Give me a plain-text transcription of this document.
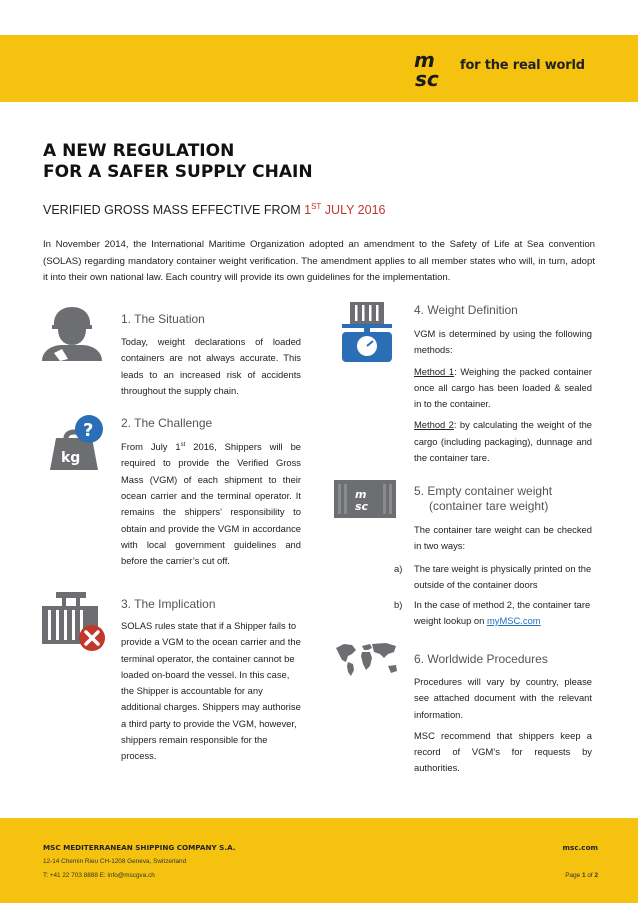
m
sc
for the real world
A NEW REGULATION
FOR A SAFER SUPPLY CHAIN
VERIFIED GROSS MASS EFFECTIVE FROM 1ST JULY 2016
In November 2014, the International Maritime Organization adopted an amendment to the Safety of Life at Sea convention (SOLAS) regarding mandatory container weight verification. The amendment applies to all member states who will, in turn, adopt it into their own national law. Each country will provide its own guidelines for the implementation.
kg
?
m
sc
1. The Situation
Today, weight declarations of loaded containers are not always accurate. This leads to an increased risk of accidents throughout the supply chain.
2. The Challenge
From July 1st 2016, Shippers will be required to provide the Verified Gross Mass (VGM) of each shipment to their ocean carrier and the terminal operator. It remains the shippers’ responsibility to obtain and provide the VGM in accordance with local government guidelines and before the carrier’s cut off.
3. The Implication
SOLAS rules state that if a Shipper fails to provide a VGM to the ocean carrier and the terminal operator, the container cannot be loaded on-board the vessel. In this case, the Shipper is accountable for any additional charges. Shippers may authorise a third party to provide the VGM, however, shippers remain responsible for the process.
4. Weight Definition
VGM is determined by using the following methods:
Method 1: Weighing the packed container once all cargo has been loaded & sealed in to the container.
Method 2: by calculating the weight of the cargo (including packaging), dunnage and the container tare.
5. Empty container weight
(container tare weight)
The container tare weight can be checked in two ways:
a)	The tare weight is physically printed on the outside of the container doors
b)	In the case of method 2, the container tare weight lookup on myMSC.com
6. Worldwide Procedures
Procedures will vary by country, please see attached document with the relevant information.
MSC recommend that shippers keep a record of VGM’s for requests by authorities.
MSC MEDITERRANEAN SHIPPING COMPANY S.A.	msc.com
12-14 Chemin Rieu CH-1208 Geneva, Switzerland
T: +41 22 703 8888 E: info@mscgva.ch	Page 1 of 2
